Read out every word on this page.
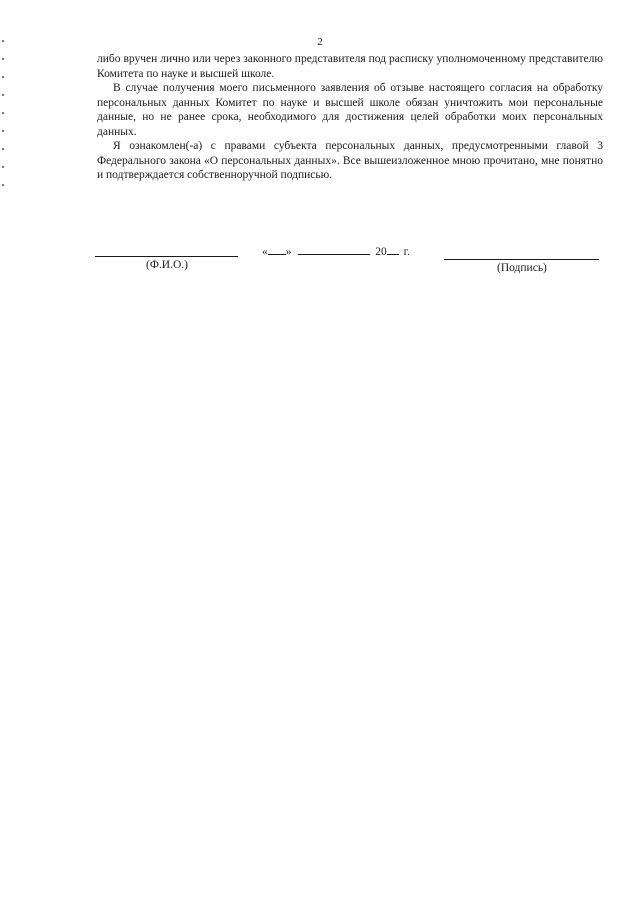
2

либо вручен лично или через законного представителя под расписку уполномоченному представителю Комитета по науке и высшей школе.

В случае получения моего письменного заявления об отзыве настоящего согласия на обработку персональных данных Комитет по науке и высшей школе обязан уничтожить мои персональные данные, но не ранее срока, необходимого для достижения целей обработки моих персональных данных.

Я ознакомлен(-а) с правами субъекта персональных данных, предусмотренными главой 3 Федерального закона «О персональных данных». Все вышеизложенное мною прочитано, мне понятно и подтверждается собственноручной подписью.

(Ф.И.О.)
« »	20 г.
(Подпись)
